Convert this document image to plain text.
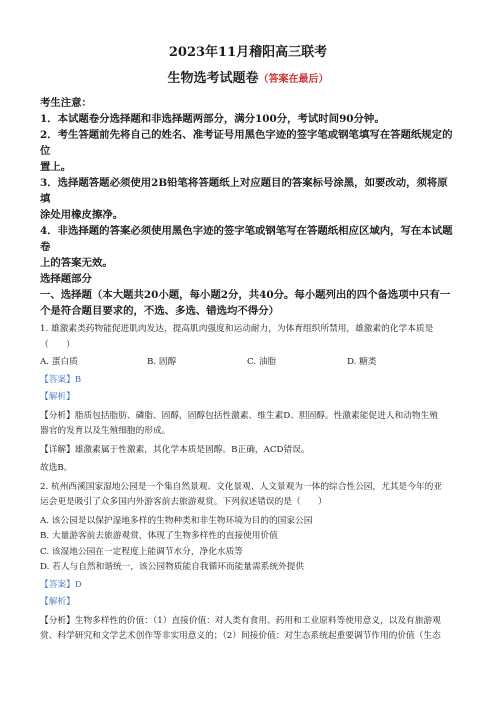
2023年11月稽阳高三联考

生物选考试题卷（答案在最后）

考生注意：

1．本试题卷分选择题和非选择题两部分，满分100分，考试时间90分钟。

2．考生答题前先将自己的姓名、准考证号用黑色字迹的签字笔或钢笔填写在答题纸规定的位

置上。

3．选择题答题必须使用2B铅笔将答题纸上对应题目的答案标号涂黑，如要改动，须将原填

涂处用橡皮擦净。

4．非选择题的答案必须使用黑色字迹的签字笔或钢笔写在答题纸相应区域内，写在本试题卷

上的答案无效。

选择题部分

一、选择题（本大题共20小题，每小题2分，共40分。每小题列出的四个备选项中只有一

个是符合题目要求的，不选、多选、错选均不得分）

1. 雄激素类药物能促进肌肉发达，提高肌肉强度和运动耐力，为体育组织所禁用，雄激素的化学本质是

（　　）

A. 蛋白质	B. 固醇	C. 油脂	D. 糖类

【答案】B

【解析】

【分析】脂质包括脂肪、磷脂、固醇，固醇包括性激素、维生素D、胆固醇。性激素能促进人和动物生殖

器官的发育以及生殖细胞的形成。

【详解】雄激素属于性激素，其化学本质是固醇。B正确，ACD错误。

故选B。

2. 杭州西溪国家湿地公园是一个集自然景观、文化景观、人文景观为一体的综合性公园，尤其是今年的亚

运会更是吸引了众多国内外游客前去旅游观赏。下列叙述错误的是（　　）

A. 该公园是以保护湿地多样的生物种类和非生物环境为目的的国家公园

B. 大量游客前去旅游观赏，体现了生物多样性的直接使用价值

C. 该湿地公园在一定程度上能调节水分，净化水质等

D. 若人与自然和谐统一，该公园物质能自我循环而能量需系统外提供

【答案】D

【解析】

【分析】生物多样性的价值：（1）直接价值：对人类有食用、药用和工业原料等使用意义，以及有旅游观

赏、科学研究和文学艺术创作等非实用意义的；（2）间接价值：对生态系统起重要调节作用的价值（生态
